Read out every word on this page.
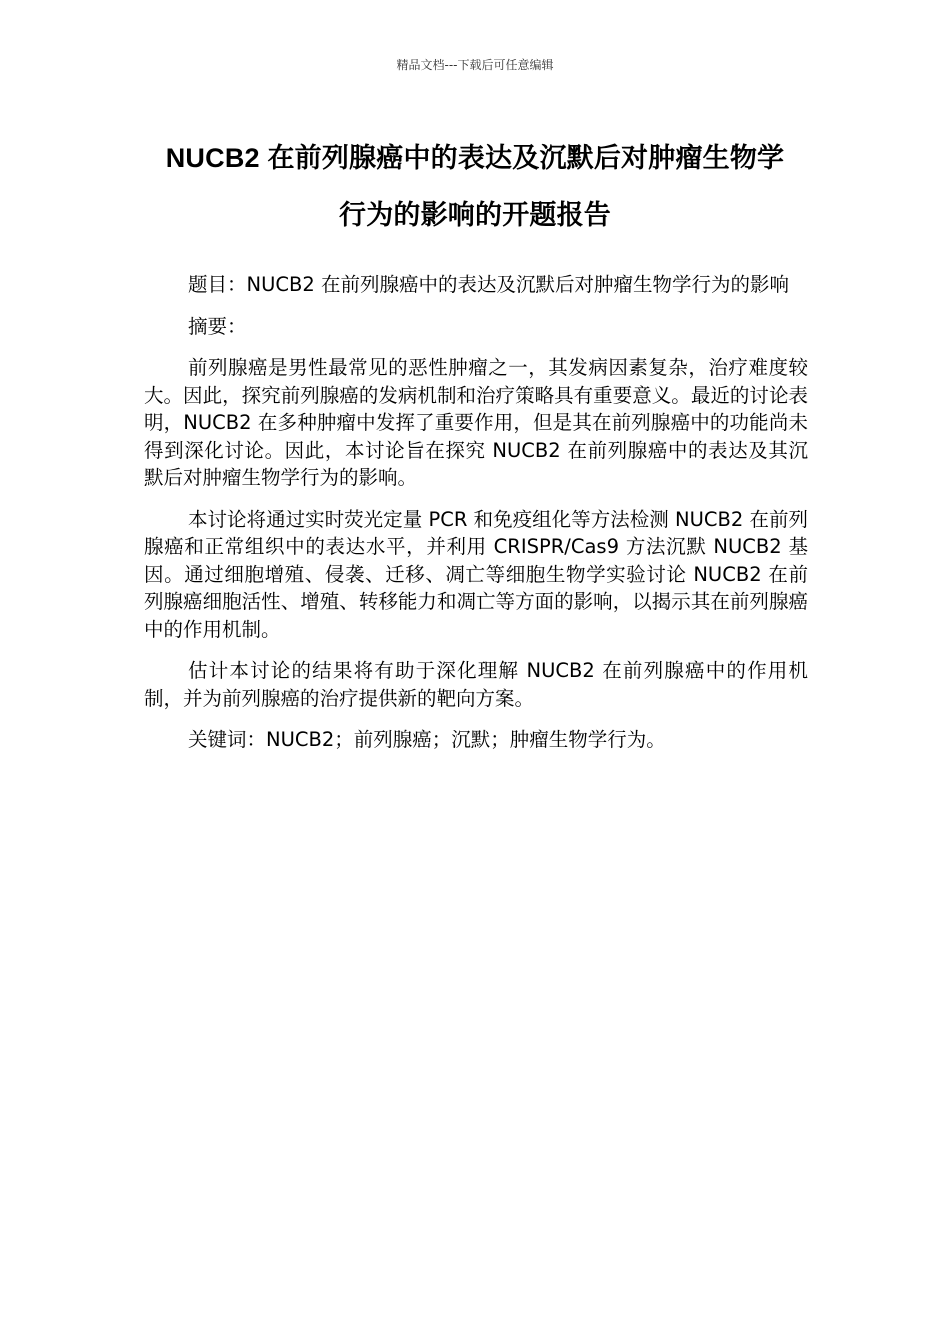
精品文档---下载后可任意编辑
NUCB2 在前列腺癌中的表达及沉默后对肿瘤生物学
行为的影响的开题报告

题目：NUCB2 在前列腺癌中的表达及沉默后对肿瘤生物学行为的影响

摘要：

前列腺癌是男性最常见的恶性肿瘤之一，其发病因素复杂，治疗难度较大。因此，探究前列腺癌的发病机制和治疗策略具有重要意义。最近的讨论表明，NUCB2 在多种肿瘤中发挥了重要作用，但是其在前列腺癌中的功能尚未得到深化讨论。因此，本讨论旨在探究 NUCB2 在前列腺癌中的表达及其沉默后对肿瘤生物学行为的影响。

本讨论将通过实时荧光定量 PCR 和免疫组化等方法检测 NUCB2 在前列腺癌和正常组织中的表达水平，并利用 CRISPR/Cas9 方法沉默 NUCB2 基因。通过细胞增殖、侵袭、迁移、凋亡等细胞生物学实验讨论 NUCB2 在前列腺癌细胞活性、增殖、转移能力和凋亡等方面的影响，以揭示其在前列腺癌中的作用机制。

估计本讨论的结果将有助于深化理解 NUCB2 在前列腺癌中的作用机制，并为前列腺癌的治疗提供新的靶向方案。

关键词：NUCB2；前列腺癌；沉默；肿瘤生物学行为。
